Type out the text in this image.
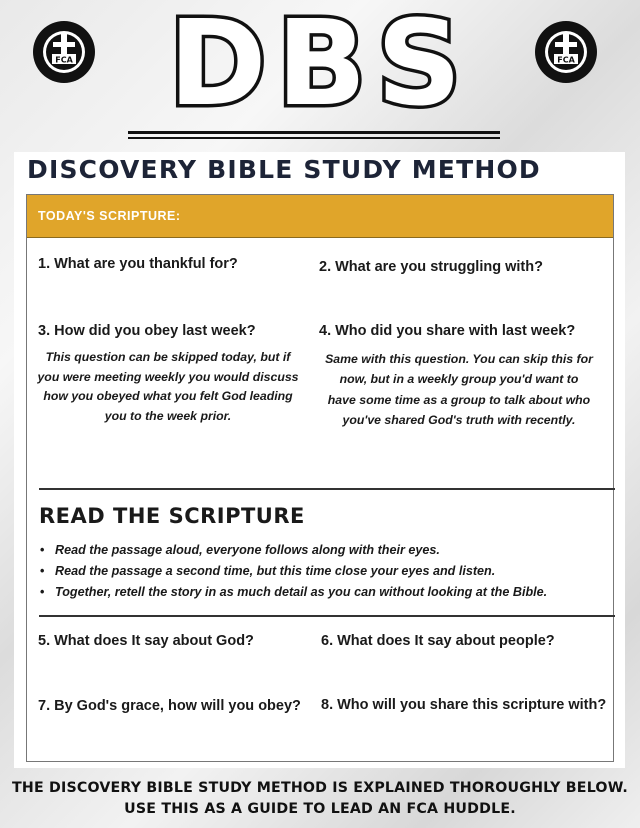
FCA	FCA
DBS
DISCOVERY BIBLE STUDY METHOD
TODAY'S SCRIPTURE:
1. What are you thankful for?	2. What are you struggling with?
3. How did you obey last week?	4. Who did you share with last week?
This question can be skipped today, but if you were meeting weekly you would discuss how you obeyed what you felt God leading you to the week prior.
Same with this question. You can skip this for now, but in a weekly group you'd want to have some time as a group to talk about who you've shared God's truth with recently.
READ THE SCRIPTURE
• Read the passage aloud, everyone follows along with their eyes.
• Read the passage a second time, but this time close your eyes and listen.
• Together, retell the story in as much detail as you can without looking at the Bible.
5. What does It say about God?	6. What does It say about people?
7. By God's grace, how will you obey? 8. Who will you share this scripture with?
THE DISCOVERY BIBLE STUDY METHOD IS EXPLAINED THOROUGHLY BELOW.
USE THIS AS A GUIDE TO LEAD AN FCA HUDDLE.
